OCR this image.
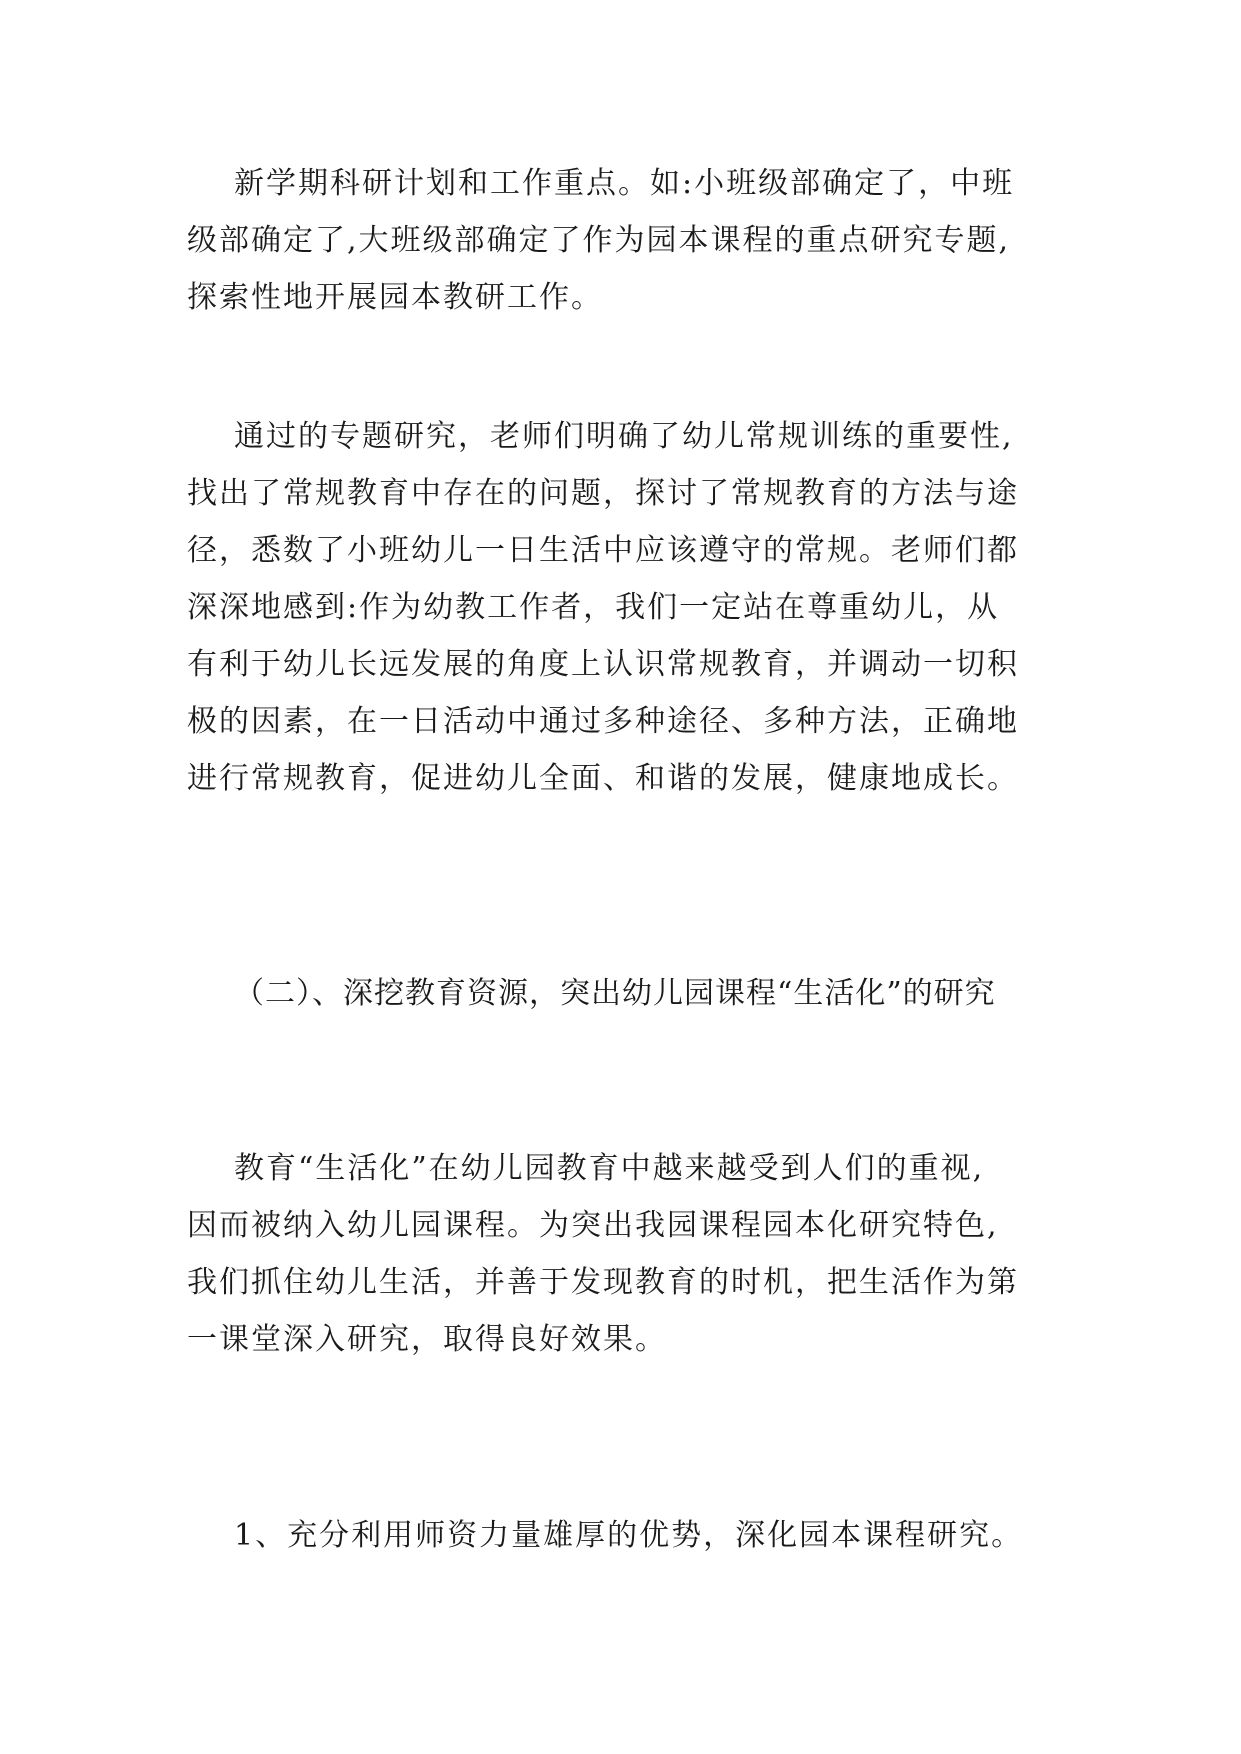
新学期科研计划和工作重点。如:小班级部确定了，中班
级部确定了,大班级部确定了作为园本课程的重点研究专题,
探索性地开展园本教研工作。

通过的专题研究，老师们明确了幼儿常规训练的重要性,
找出了常规教育中存在的问题，探讨了常规教育的方法与途
径，悉数了小班幼儿一日生活中应该遵守的常规。老师们都
深深地感到:作为幼教工作者，我们一定站在尊重幼儿，从
有利于幼儿长远发展的角度上认识常规教育，并调动一切积
极的因素，在一日活动中通过多种途径、多种方法，正确地
进行常规教育，促进幼儿全面、和谐的发展，健康地成长。

（二）、深挖教育资源，突出幼儿园课程“生活化”的研究

教育“生活化”在幼儿园教育中越来越受到人们的重视,
因而被纳入幼儿园课程。为突出我园课程园本化研究特色,
我们抓住幼儿生活，并善于发现教育的时机，把生活作为第
一课堂深入研究，取得良好效果。

1、充分利用师资力量雄厚的优势，深化园本课程研究。
